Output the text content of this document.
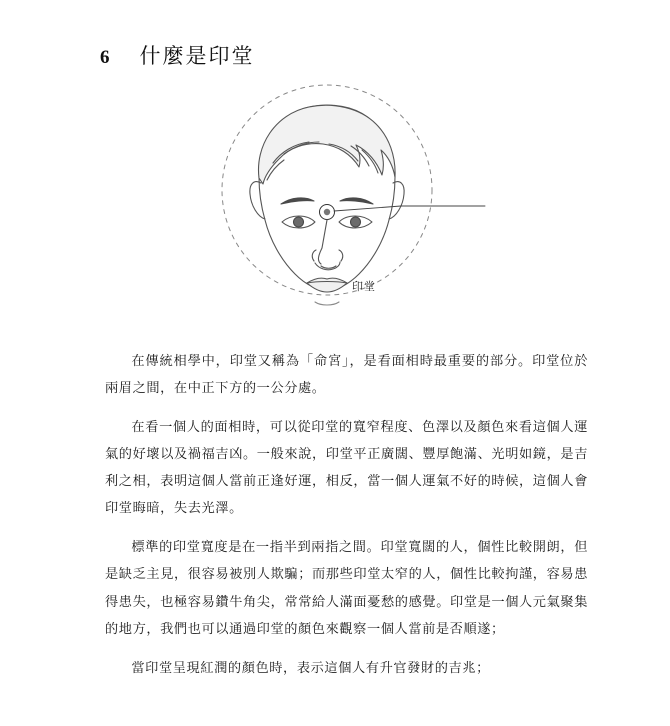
6 什麼是印堂
印堂

在傳統相學中，印堂又稱為「命宮」，是看面相時最重要的部分。印堂位於兩眉之間，在中正下方的一公分處。

在看一個人的面相時，可以從印堂的寬窄程度、色澤以及顏色來看這個人運氣的好壞以及禍福吉凶。一般來說，印堂平正廣闊、豐厚飽滿、光明如鏡，是吉利之相，表明這個人當前正逢好運，相反，當一個人運氣不好的時候，這個人會印堂晦暗，失去光澤。

標準的印堂寬度是在一指半到兩指之間。印堂寬闊的人，個性比較開朗，但是缺乏主見，很容易被別人欺騙；而那些印堂太窄的人，個性比較拘謹，容易患得患失，也極容易鑽牛角尖，常常給人滿面憂愁的感覺。印堂是一個人元氣聚集的地方，我們也可以通過印堂的顏色來觀察一個人當前是否順遂；

當印堂呈現紅潤的顏色時，表示這個人有升官發財的吉兆；
